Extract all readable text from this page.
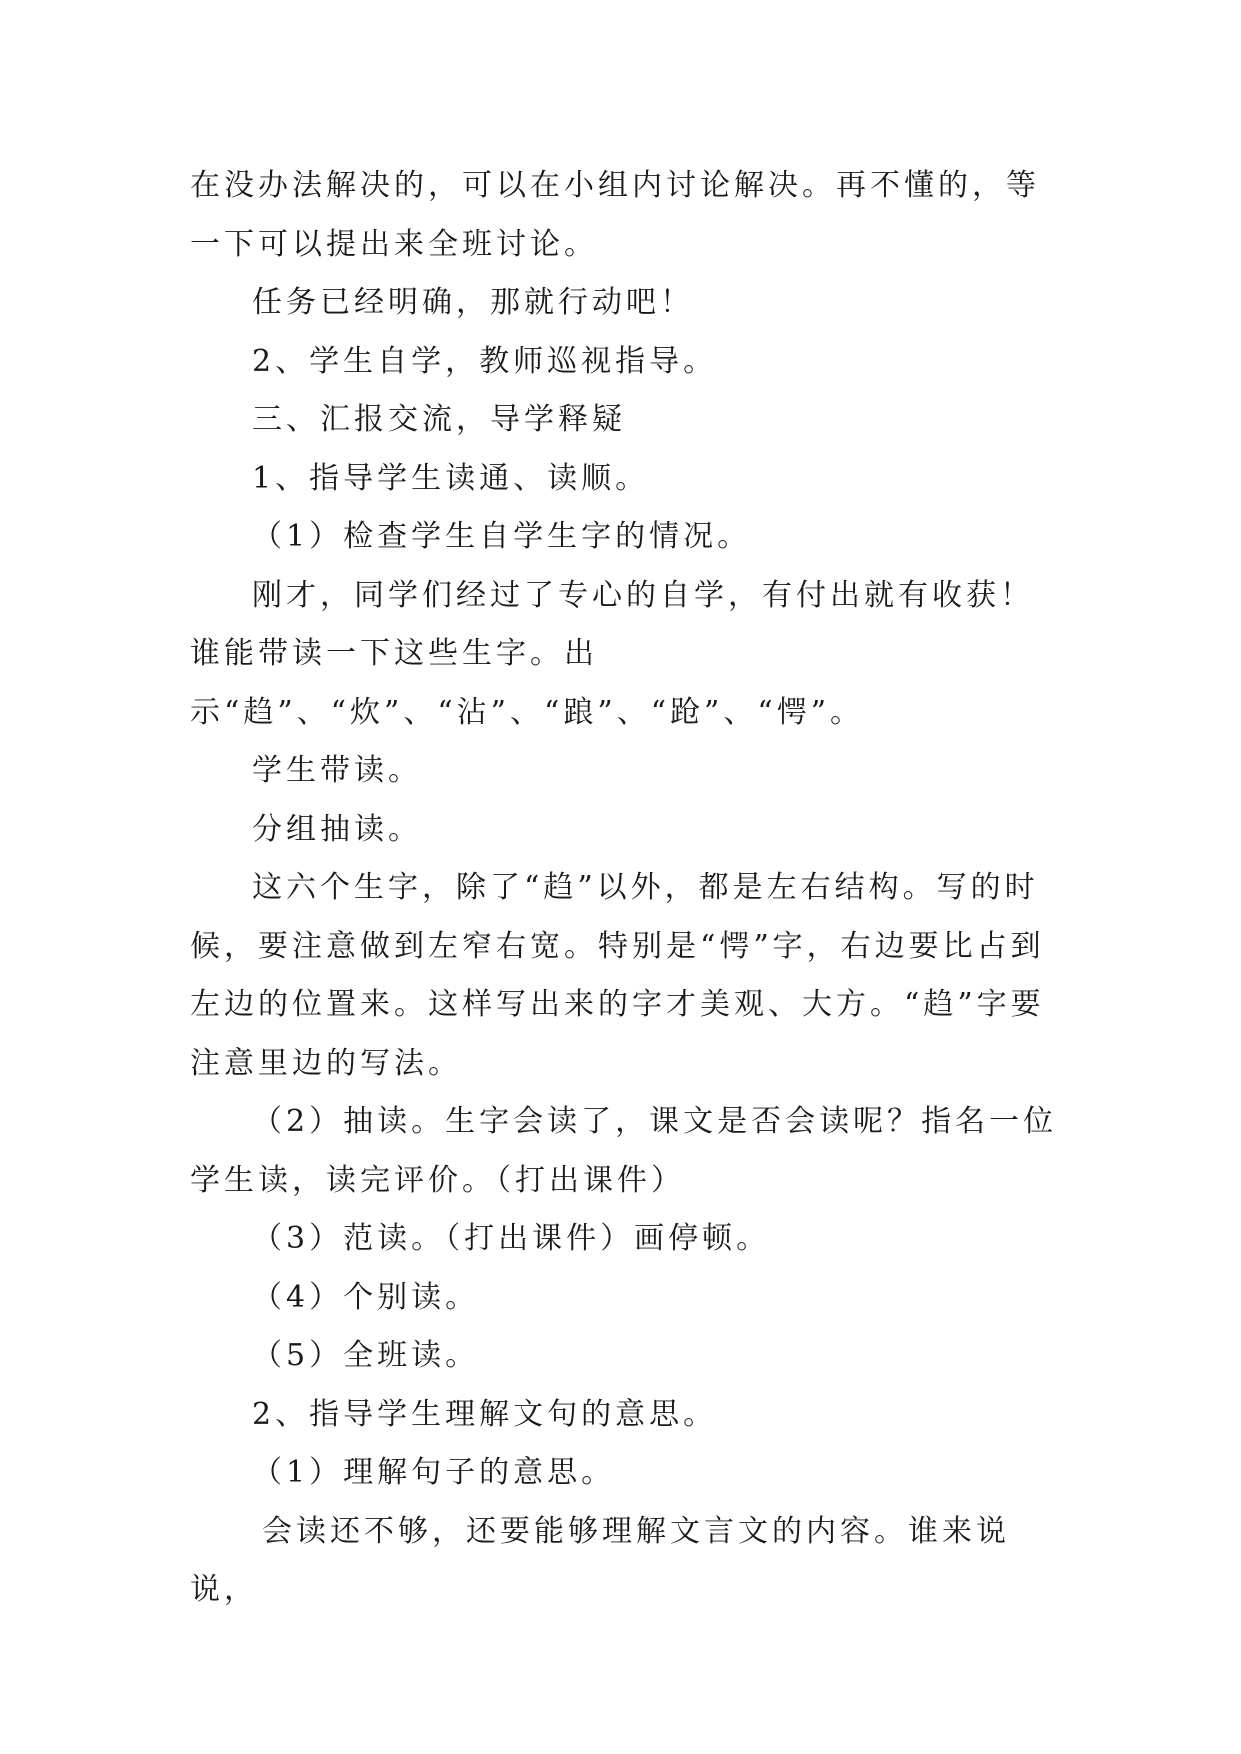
在没办法解决的，可以在小组内讨论解决。再不懂的，等一下可以提出来全班讨论。

任务已经明确，那就行动吧！

2、学生自学，教师巡视指导。

三、汇报交流，导学释疑

1、指导学生读通、读顺。

（1）检查学生自学生字的情况。

刚才，同学们经过了专心的自学，有付出就有收获！谁能带读一下这些生字。出示“趋”、“炊”、“沾”、“踉”、“跄”、“愕”。

学生带读。

分组抽读。

这六个生字，除了“趋”以外，都是左右结构。写的时候，要注意做到左窄右宽。特别是“愕”字，右边要比占到左边的位置来。这样写出来的字才美观、大方。“趋”字要注意里边的写法。

（2）抽读。生字会读了，课文是否会读呢？指名一位学生读，读完评价。（打出课件）

（3）范读。（打出课件）画停顿。

（4）个别读。

（5）全班读。

2、指导学生理解文句的意思。

（1）理解句子的意思。

会读还不够，还要能够理解文言文的内容。谁来说说，
